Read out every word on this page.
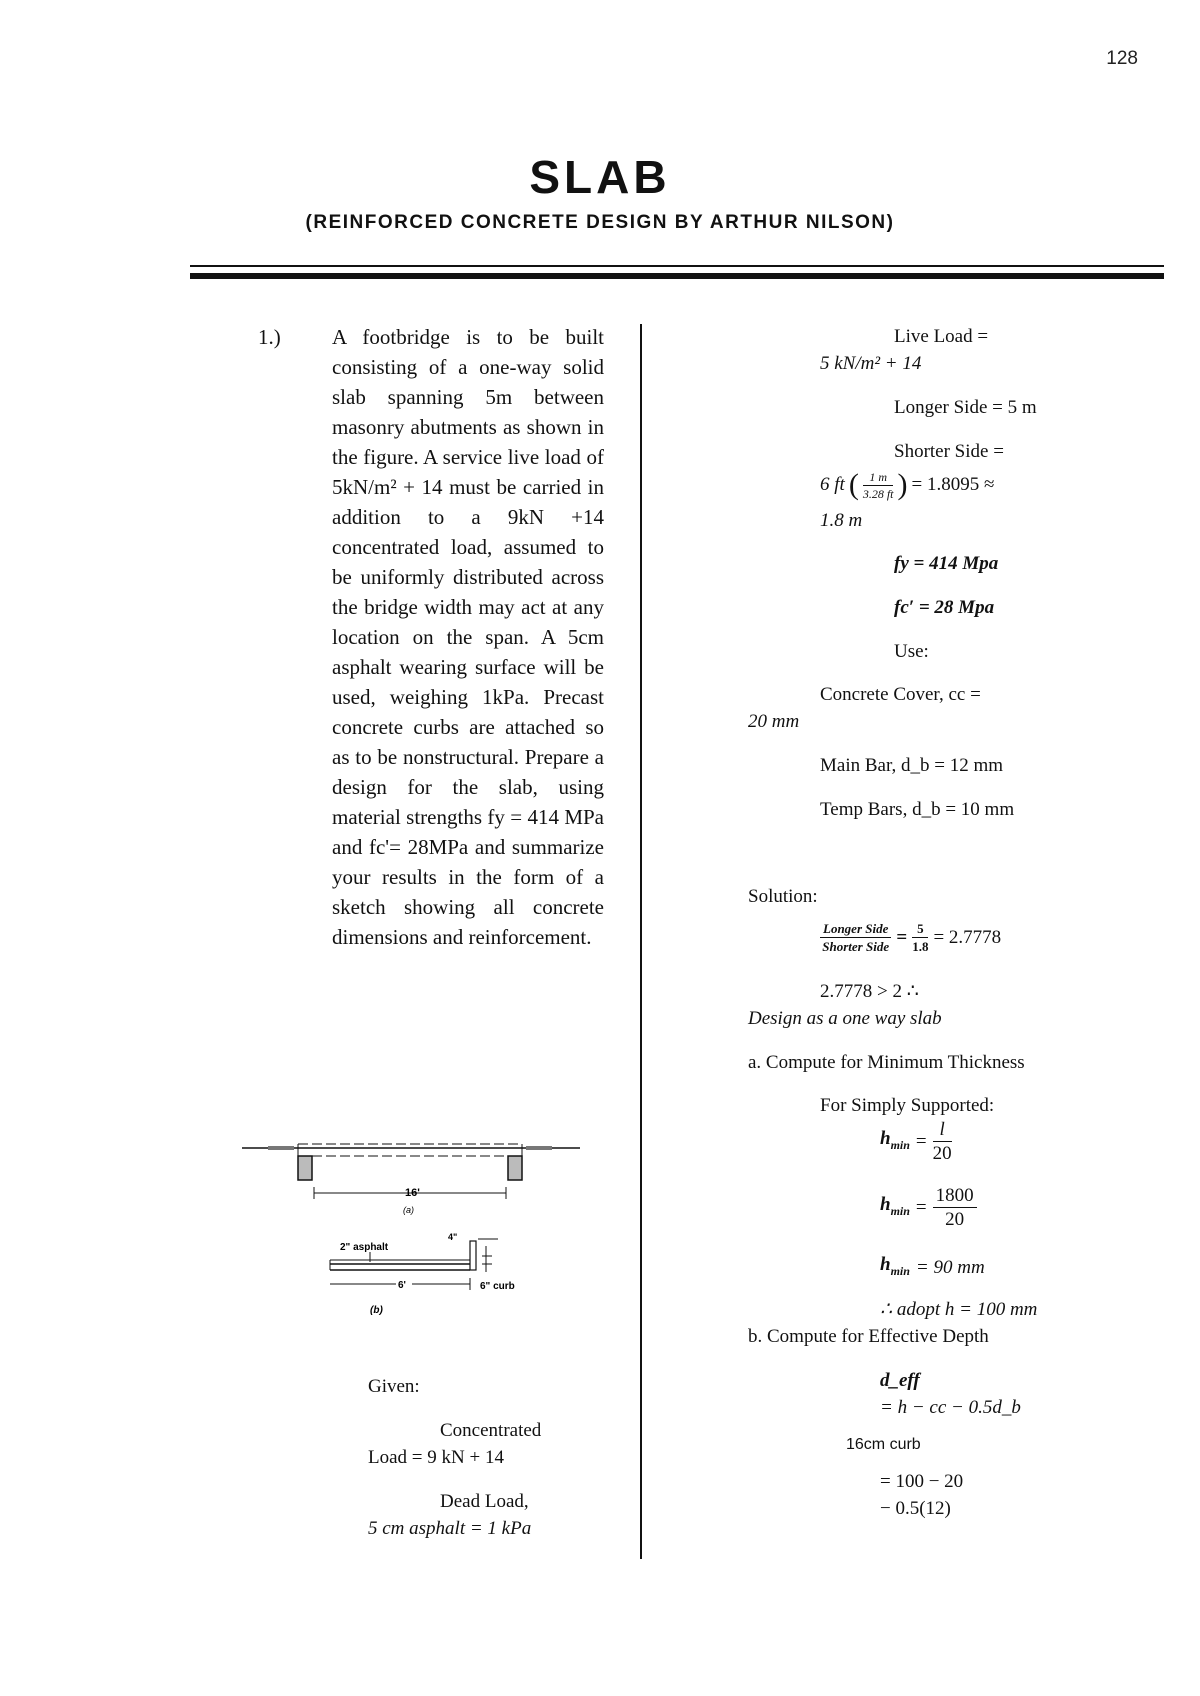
128
SLAB
(REINFORCED CONCRETE DESIGN BY ARTHUR NILSON)
1.) A footbridge is to be built consisting of a one-way solid slab spanning 5m between masonry abutments as shown in the figure. A service live load of 5kN/m² + 14 must be carried in addition to a 9kN +14 concentrated load, assumed to be uniformly distributed across the bridge width may act at any location on the span. A 5cm asphalt wearing surface will be used, weighing 1kPa. Precast concrete curbs are attached so as to be nonstructural. Prepare a design for the slab, using material strengths fy = 414 MPa and fc'= 28MPa and summarize your results in the form of a sketch showing all concrete dimensions and reinforcement.
16'
(a)
2" asphalt
4"
6'	6" curb
(b)
Given:
Concentrated
Load = 9 kN + 14
Dead Load,
5 cm asphalt = 1 kPa
Live Load =
5 kN/m² + 14
Longer Side = 5 m
Shorter Side =
6 ft ( $\frac{1 m}{3.28 ft}$ ) = 1.8095 ≈
1.8 m
fy = 414 Mpa
fc′ = 28 Mpa
Use:
Concrete Cover, cc =
20 mm
Main Bar, d_b = 12 mm
Temp Bars, d_b = 10 mm
Solution:
$\frac{\text{Longer Side}}{\text{Shorter Side}} = \frac{5}{1.8} = 2.7778$
2.7778 > 2 ∴
Design as a one way slab
a. Compute for Minimum Thickness
For Simply Supported:
$h_{min} = \frac{l}{20}$
$h_{min} = \frac{1800}{20}$
$h_{min} = 90$ mm
∴ adopt h = 100 mm
b. Compute for Effective Depth
d_eff
= h − cc − 0.5d_b
16cm curb
= 100 − 20
− 0.5(12)
